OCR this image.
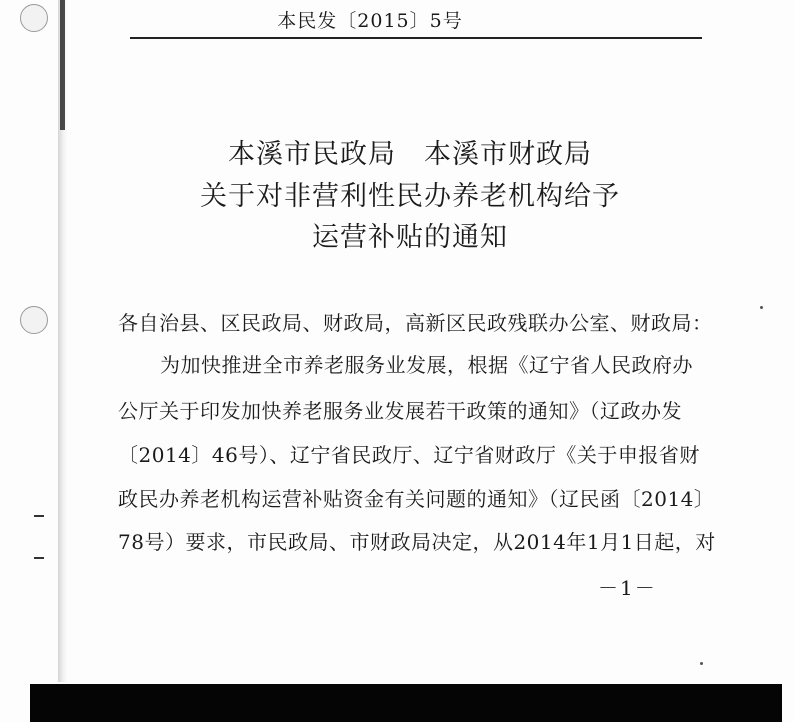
本民发〔2015〕5号
本溪市民政局　本溪市财政局
关于对非营利性民办养老机构给予
运营补贴的通知
各自治县、区民政局、财政局，高新区民政残联办公室、财政局：
为加快推进全市养老服务业发展，根据《辽宁省人民政府办
公厅关于印发加快养老服务业发展若干政策的通知》（辽政办发
〔2014〕46号）、辽宁省民政厅、辽宁省财政厅《关于申报省财
政民办养老机构运营补贴资金有关问题的通知》（辽民函〔2014〕
78号）要求，市民政局、市财政局决定，从2014年1月1日起，对
－1－
